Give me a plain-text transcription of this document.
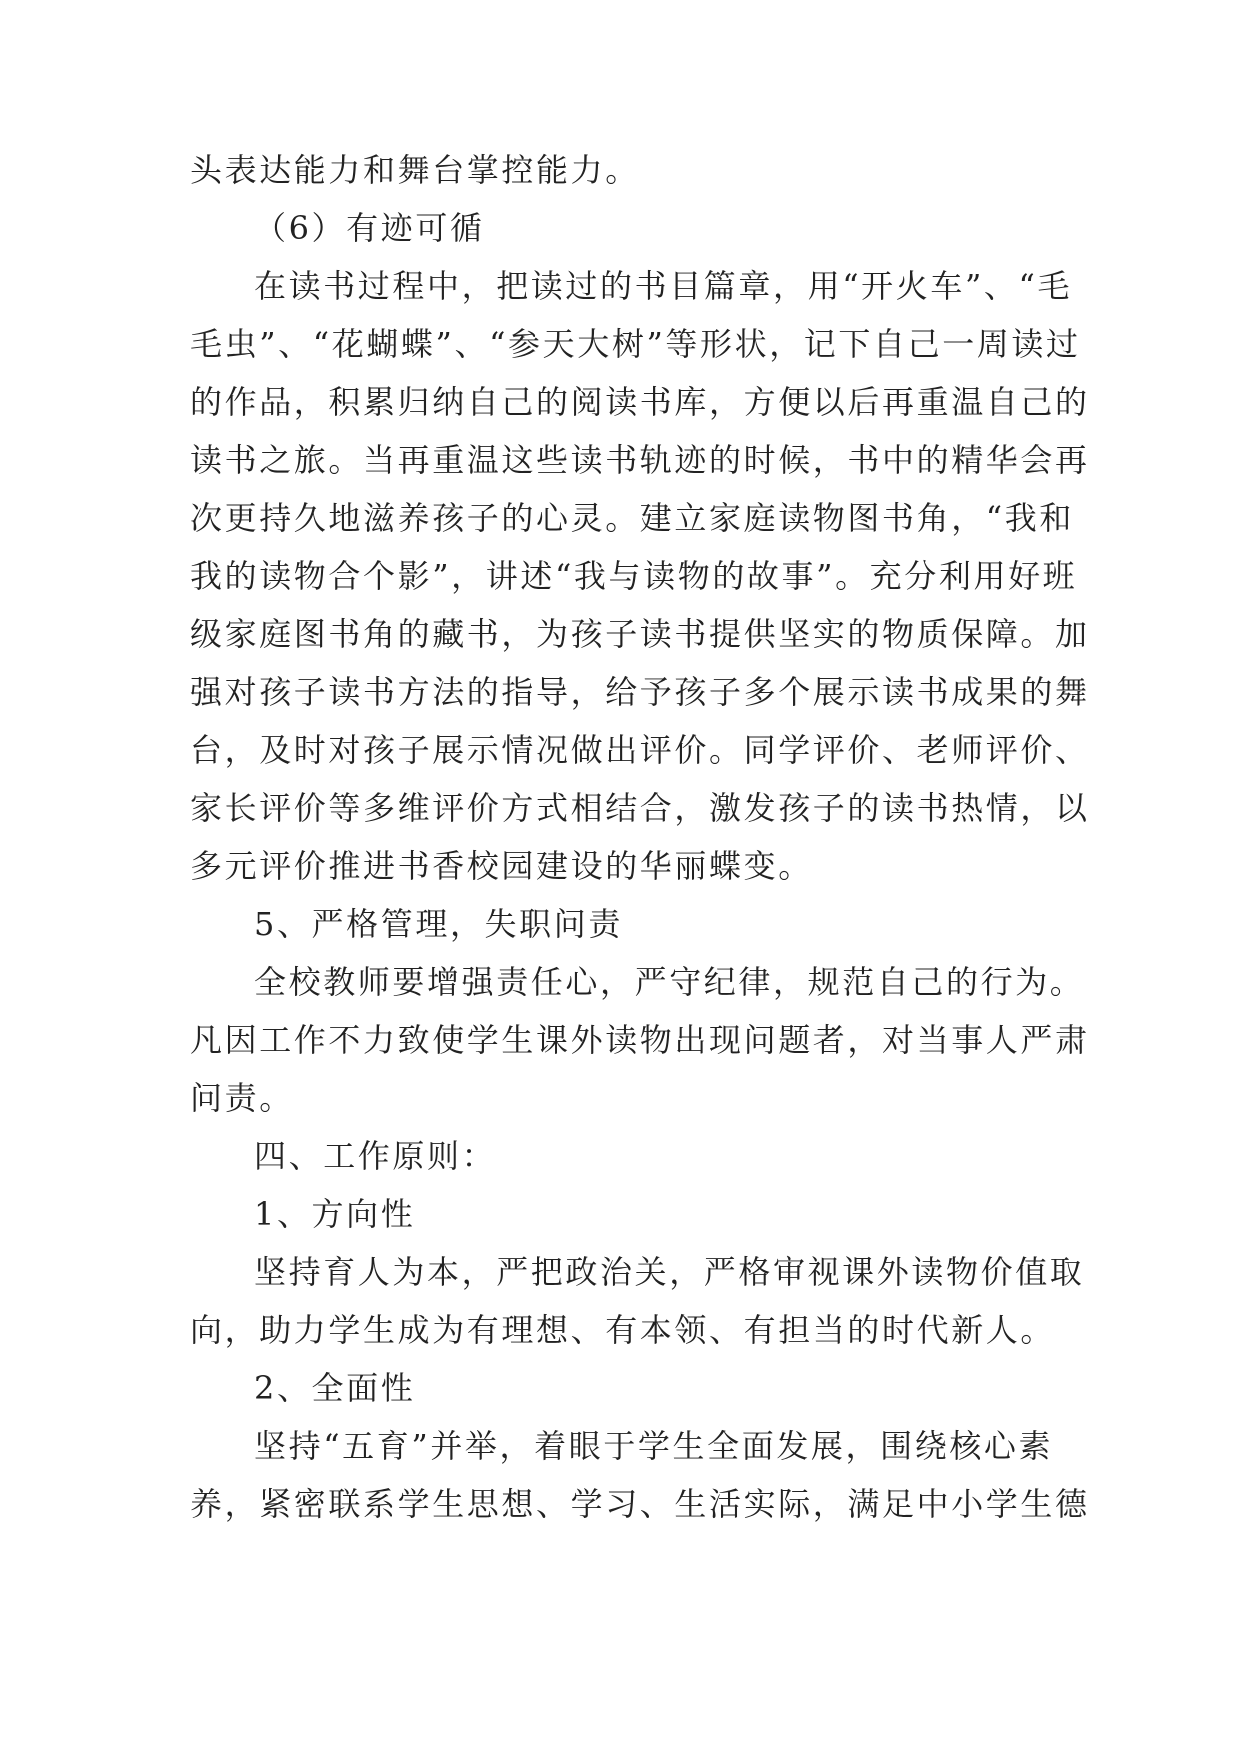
头表达能力和舞台掌控能力。
（6）有迹可循
在读书过程中，把读过的书目篇章，用“开火车”、“毛
毛虫”、“花蝴蝶”、“参天大树”等形状，记下自己一周读过
的作品，积累归纳自己的阅读书库，方便以后再重温自己的
读书之旅。当再重温这些读书轨迹的时候，书中的精华会再
次更持久地滋养孩子的心灵。建立家庭读物图书角，“我和
我的读物合个影”，讲述“我与读物的故事”。充分利用好班
级家庭图书角的藏书，为孩子读书提供坚实的物质保障。加
强对孩子读书方法的指导，给予孩子多个展示读书成果的舞
台，及时对孩子展示情况做出评价。同学评价、老师评价、
家长评价等多维评价方式相结合，激发孩子的读书热情，以
多元评价推进书香校园建设的华丽蝶变。
5、严格管理，失职问责
全校教师要增强责任心，严守纪律，规范自己的行为。
凡因工作不力致使学生课外读物出现问题者，对当事人严肃
问责。
四、工作原则：
1、方向性
坚持育人为本，严把政治关，严格审视课外读物价值取
向，助力学生成为有理想、有本领、有担当的时代新人。
2、全面性
坚持“五育”并举，着眼于学生全面发展，围绕核心素
养，紧密联系学生思想、学习、生活实际，满足中小学生德
